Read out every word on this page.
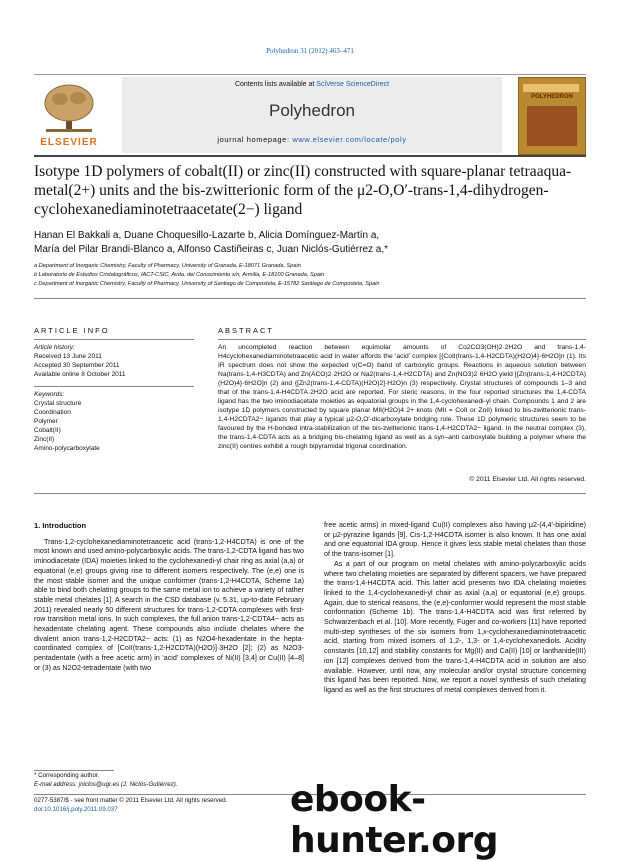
Polyhedron 31 (2012) 463–471
ELSEVIER
Contents lists available at SciVerse ScienceDirect
Polyhedron
journal homepage: www.elsevier.com/locate/poly
POLYHEDRON
Isotype 1D polymers of cobalt(II) or zinc(II) constructed with square-planar tetraaqua-metal(2+) units and the bis-zwitterionic form of the μ2-O,O′-trans-1,4-dihydrogen-cyclohexanediaminotetraacetate(2−) ligand
Hanan El Bakkali a, Duane Choquesillo-Lazarte b, Alicia Domínguez-Martín a,
María del Pilar Brandi-Blanco a, Alfonso Castiñeiras c, Juan Niclós-Gutiérrez a,*
a Department of Inorganic Chemistry, Faculty of Pharmacy, University of Granada, E-18071 Granada, Spain
b Laboratorio de Estudios Cristalográficos, IACT-CSIC, Avda. del Conocimiento s/n, Armilla, E-18100 Granada, Spain
c Department of Inorganic Chemistry, Faculty of Pharmacy, University of Santiago de Compostela, E-15782 Santiago de Compostela, Spain
ARTICLE INFO
Article history:
Received 13 June 2011
Accepted 30 September 2011
Available online 8 October 2011
Keywords:
Crystal structure
Coordination
Polymer
Cobalt(II)
Zinc(II)
Amino-polycarboxylate
ABSTRACT
An uncompleted reaction between equimolar amounts of Co2CO3(OH)2·2H2O and trans-1,4-H4cyclohexanediaminotetraacetic acid in water affords the ‘acid’ complex [{CoII(trans-1,4-H2CDTA)(H2O)4}·6H2O]n (1). Its IR spectrum does not show the expected ν(C=O) band of carboxylic groups. Reactions in aqueous solution between Na(trans-1,4-H3CDTA) and Zn(ACO)2·2H2O or Na2(trans-1,4-H2CDTA) and Zn(NO3)2·6H2O yield [{Zn(trans-1,4-H2CDTA)(H2O)4}·6H2O]n (2) and {[Zn2(trans-1,4-CDTA)(H2O)2]·H2O}n (3) respectively. Crystal structures of compounds 1–3 and that of the trans-1,4-H4CDTA·2H2O acid are reported. For steric reasons, in the four reported structures the 1,4-CDTA ligand has the two iminodiacetate moieties as equatorial groups in the 1,4-cyclohexanedi-yl chain. Compounds 1 and 2 are isotype 1D polymers constructed by square planar MII(H2O)4 2+ knots (MII = CoII or ZnII) linked to bis-zwitterionic trans-1,4-H2CDTA2− ligands that play a typical μ2-O,O′-dicarboxylate bridging role. These 1D polymeric structures seem to be favoured by the H-bonded intra-stabilization of the bis-zwitterionic trans-1,4-H2CDTA2− ligand. In the neutral complex (3), the trans-1,4-CDTA acts as a bridging bis-chelating ligand as well as a syn–anti carboxylate building a polymer where the zinc(II) centres exhibit a rough bipyramidal trigonal coordination.
© 2011 Elsevier Ltd. All rights reserved.
1. Introduction

Trans-1,2-cyclohexanediaminotetraacetic acid (trans-1,2-H4CDTA) is one of the most known and used amino-polycarboxylic acids. The trans-1,2-CDTA ligand has two iminodiacetate (IDA) moieties linked to the cyclohexanedi-yl chair ring as axial (a,a) or equatorial (e,e) groups giving rise to different isomers respectively. The (e,e) one is the most stable isomer and the unique conformer (trans-1,2-H4CDTA, Scheme 1a) able to bind both chelating groups to the same metal ion to achieve a variety of rather stable metal chelates [1]. A search in the CSD database (v. 5.31, up-to-date February 2011) revealed nearly 50 different structures for trans-1,2-CDTA complexes with first-row transition metal ions. In such complexes, the full anion trans-1,2-CDTA4− acts as hexadentate chelating agent. These compounds also include chelates where the divalent anion trans-1,2-H2CDTA2− acts: (1) as N2O4-hexadentate in the hepta-coordinated complex of [CoII(trans-1,2-H2CDTA)(H2O)]·3H2O [2]; (2) as N2O3-pentadentate (with a free acetic arm) in ‘acid’ complexes of Ni(II) [3,4] or Cu(II) [4–8] or (3) as N2O2-tetradentate (with two

free acetic arms) in mixed-ligand Cu(II) complexes also having μ2-(4,4′-bipiridine) or μ2-pyrazine ligands [9]. Cis-1,2-H4CDTA isomer is also known. It has one axial and one equatorial IDA group. Hence it gives less stable metal chelates than those of the trans-isomer [1].

As a part of our program on metal chelates with amino-polycarboxylic acids where two chelating moieties are separated by different spacers, we have prepared the trans-1,4-H4CDTA acid. This latter acid presents two IDA chelating moieties linked to the 1,4-cyclohexanedi-yl chair as axial (a,a) or equatorial (e,e) groups. Again, due to sterical reasons, the (e,e)-conformer would represent the most stable conformation (Scheme 1b). The trans-1,4-H4CDTA acid was first referred by Schwarzenbach et al. [10]. More recently, Fuger and co-workers [11] have reported multi-step syntheses of the six isomers from 1,x-cyclohexanediaminotetraacetic acid, starting from mixed isomers of 1,2-, 1,3- or 1,4-cyclohexanediols. Acidity constants [10,12] and stability constants for Mg(II) and Ca(II) [10] or lanthanide(III) ion [12] complexes derived from the trans-1,4-H4CDTA acid in solution are also available. However, until now, any molecular and/or crystal structure concerning this ligand has been reported. Now, we report a novel synthesis of such chelating ligand as well as the first structures of metal complexes derived from it.

* Corresponding author.
E-mail address: jniclos@ugr.es (J. Niclós-Gutiérrez).
0277-5387/$ - see front matter © 2011 Elsevier Ltd. All rights reserved.
doi:10.1016/j.poly.2011.09.037	ebook-hunter.org
